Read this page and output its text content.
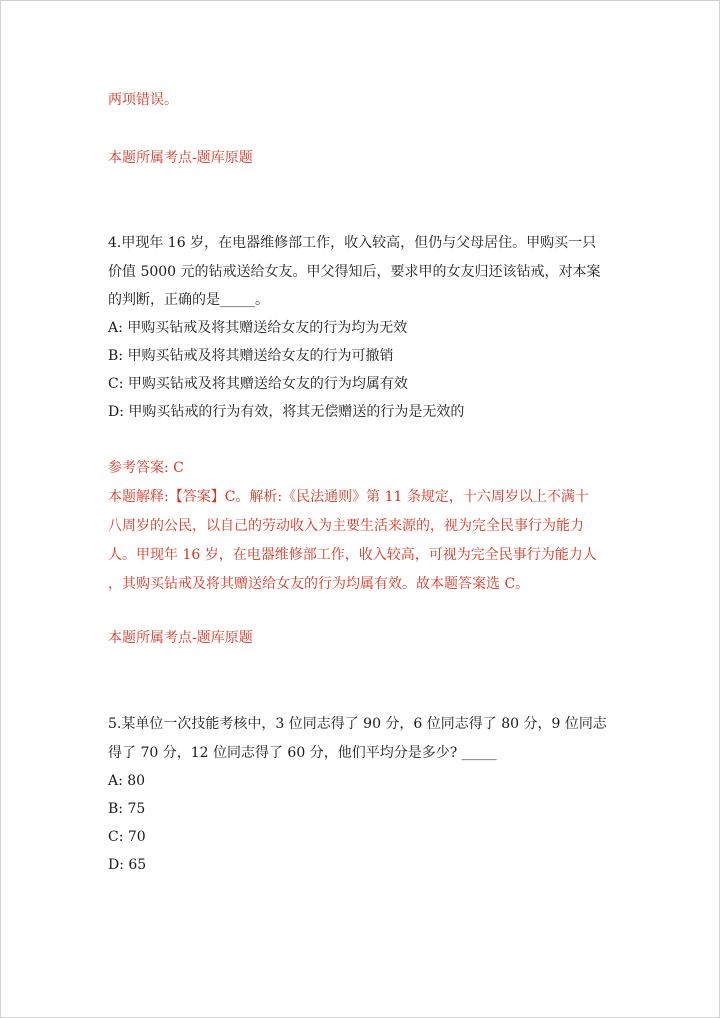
两项错误。
本题所属考点-题库原题
4.甲现年 16 岁，在电器维修部工作，收入较高，但仍与父母居住。甲购买一只
价值 5000 元的钻戒送给女友。甲父得知后，要求甲的女友归还该钻戒，对本案
的判断，正确的是_____。
A: 甲购买钻戒及将其赠送给女友的行为均为无效
B: 甲购买钻戒及将其赠送给女友的行为可撤销
C: 甲购买钻戒及将其赠送给女友的行为均属有效
D: 甲购买钻戒的行为有效，将其无偿赠送的行为是无效的
参考答案: C
本题解释:【答案】C。解析:《民法通则》第 11 条规定，十六周岁以上不满十
八周岁的公民，以自己的劳动收入为主要生活来源的，视为完全民事行为能力
人。甲现年 16 岁，在电器维修部工作，收入较高，可视为完全民事行为能力人
，其购买钻戒及将其赠送给女友的行为均属有效。故本题答案选 C。
本题所属考点-题库原题
5.某单位一次技能考核中，3 位同志得了 90 分，6 位同志得了 80 分，9 位同志
得了 70 分，12 位同志得了 60 分，他们平均分是多少? _____
A: 80
B: 75
C: 70
D: 65
